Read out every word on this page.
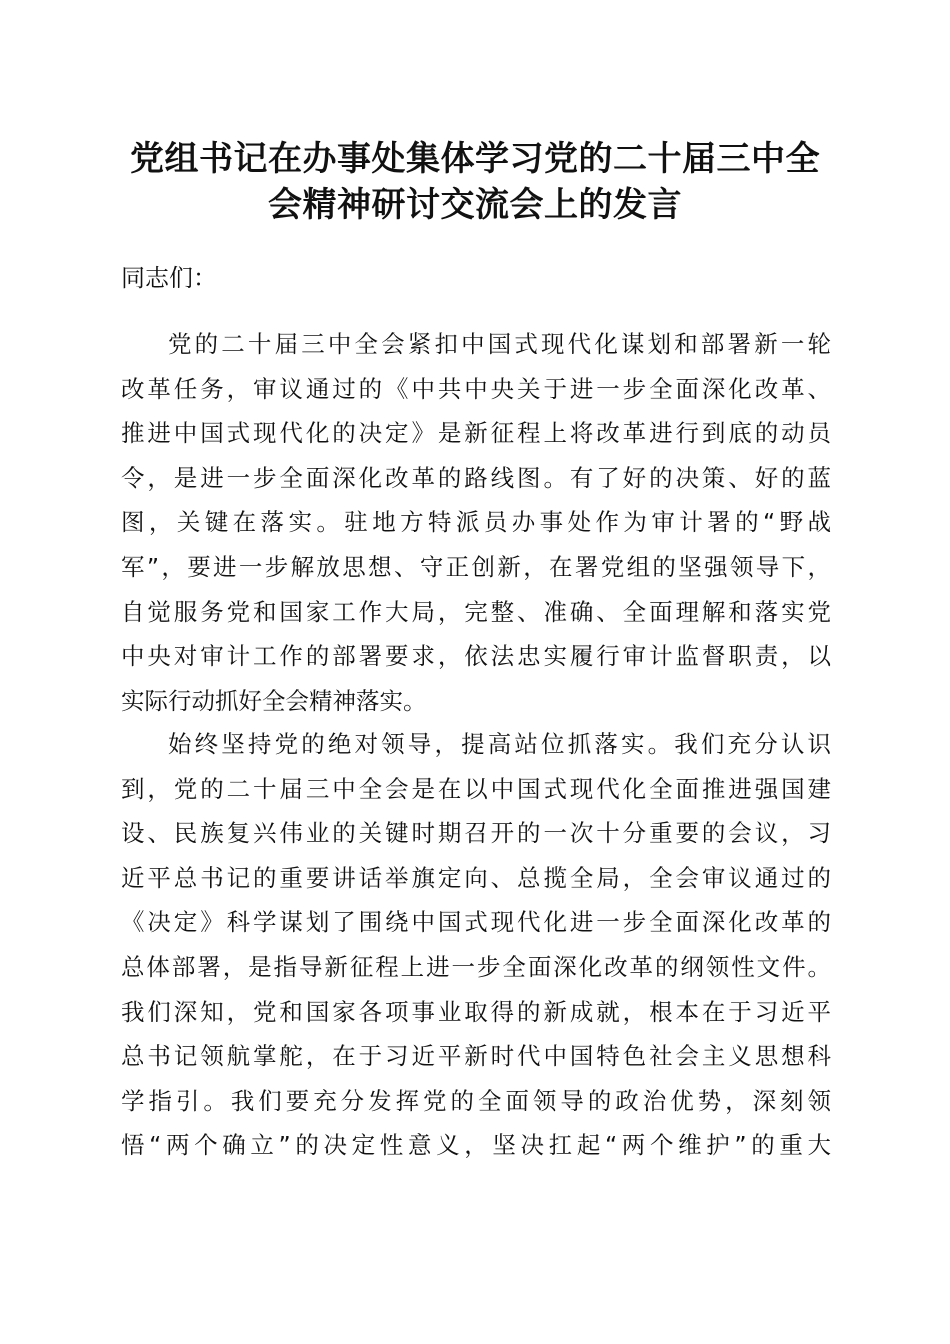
党组书记在办事处集体学习党的二十届三中全
会精神研讨交流会上的发言

同志们：

党的二十届三中全会紧扣中国式现代化谋划和部署新一轮
改革任务，审议通过的《中共中央关于进一步全面深化改革、
推进中国式现代化的决定》是新征程上将改革进行到底的动员
令，是进一步全面深化改革的路线图。有了好的决策、好的蓝
图，关键在落实。驻地方特派员办事处作为审计署的“野战
军”，要进一步解放思想、守正创新，在署党组的坚强领导下，
自觉服务党和国家工作大局，完整、准确、全面理解和落实党
中央对审计工作的部署要求，依法忠实履行审计监督职责，以
实际行动抓好全会精神落实。
始终坚持党的绝对领导，提高站位抓落实。我们充分认识
到，党的二十届三中全会是在以中国式现代化全面推进强国建
设、民族复兴伟业的关键时期召开的一次十分重要的会议，习
近平总书记的重要讲话举旗定向、总揽全局，全会审议通过的
《决定》科学谋划了围绕中国式现代化进一步全面深化改革的
总体部署，是指导新征程上进一步全面深化改革的纲领性文件。
我们深知，党和国家各项事业取得的新成就，根本在于习近平
总书记领航掌舵，在于习近平新时代中国特色社会主义思想科
学指引。我们要充分发挥党的全面领导的政治优势，深刻领
悟“两个确立”的决定性意义，坚决扛起“两个维护”的重大
